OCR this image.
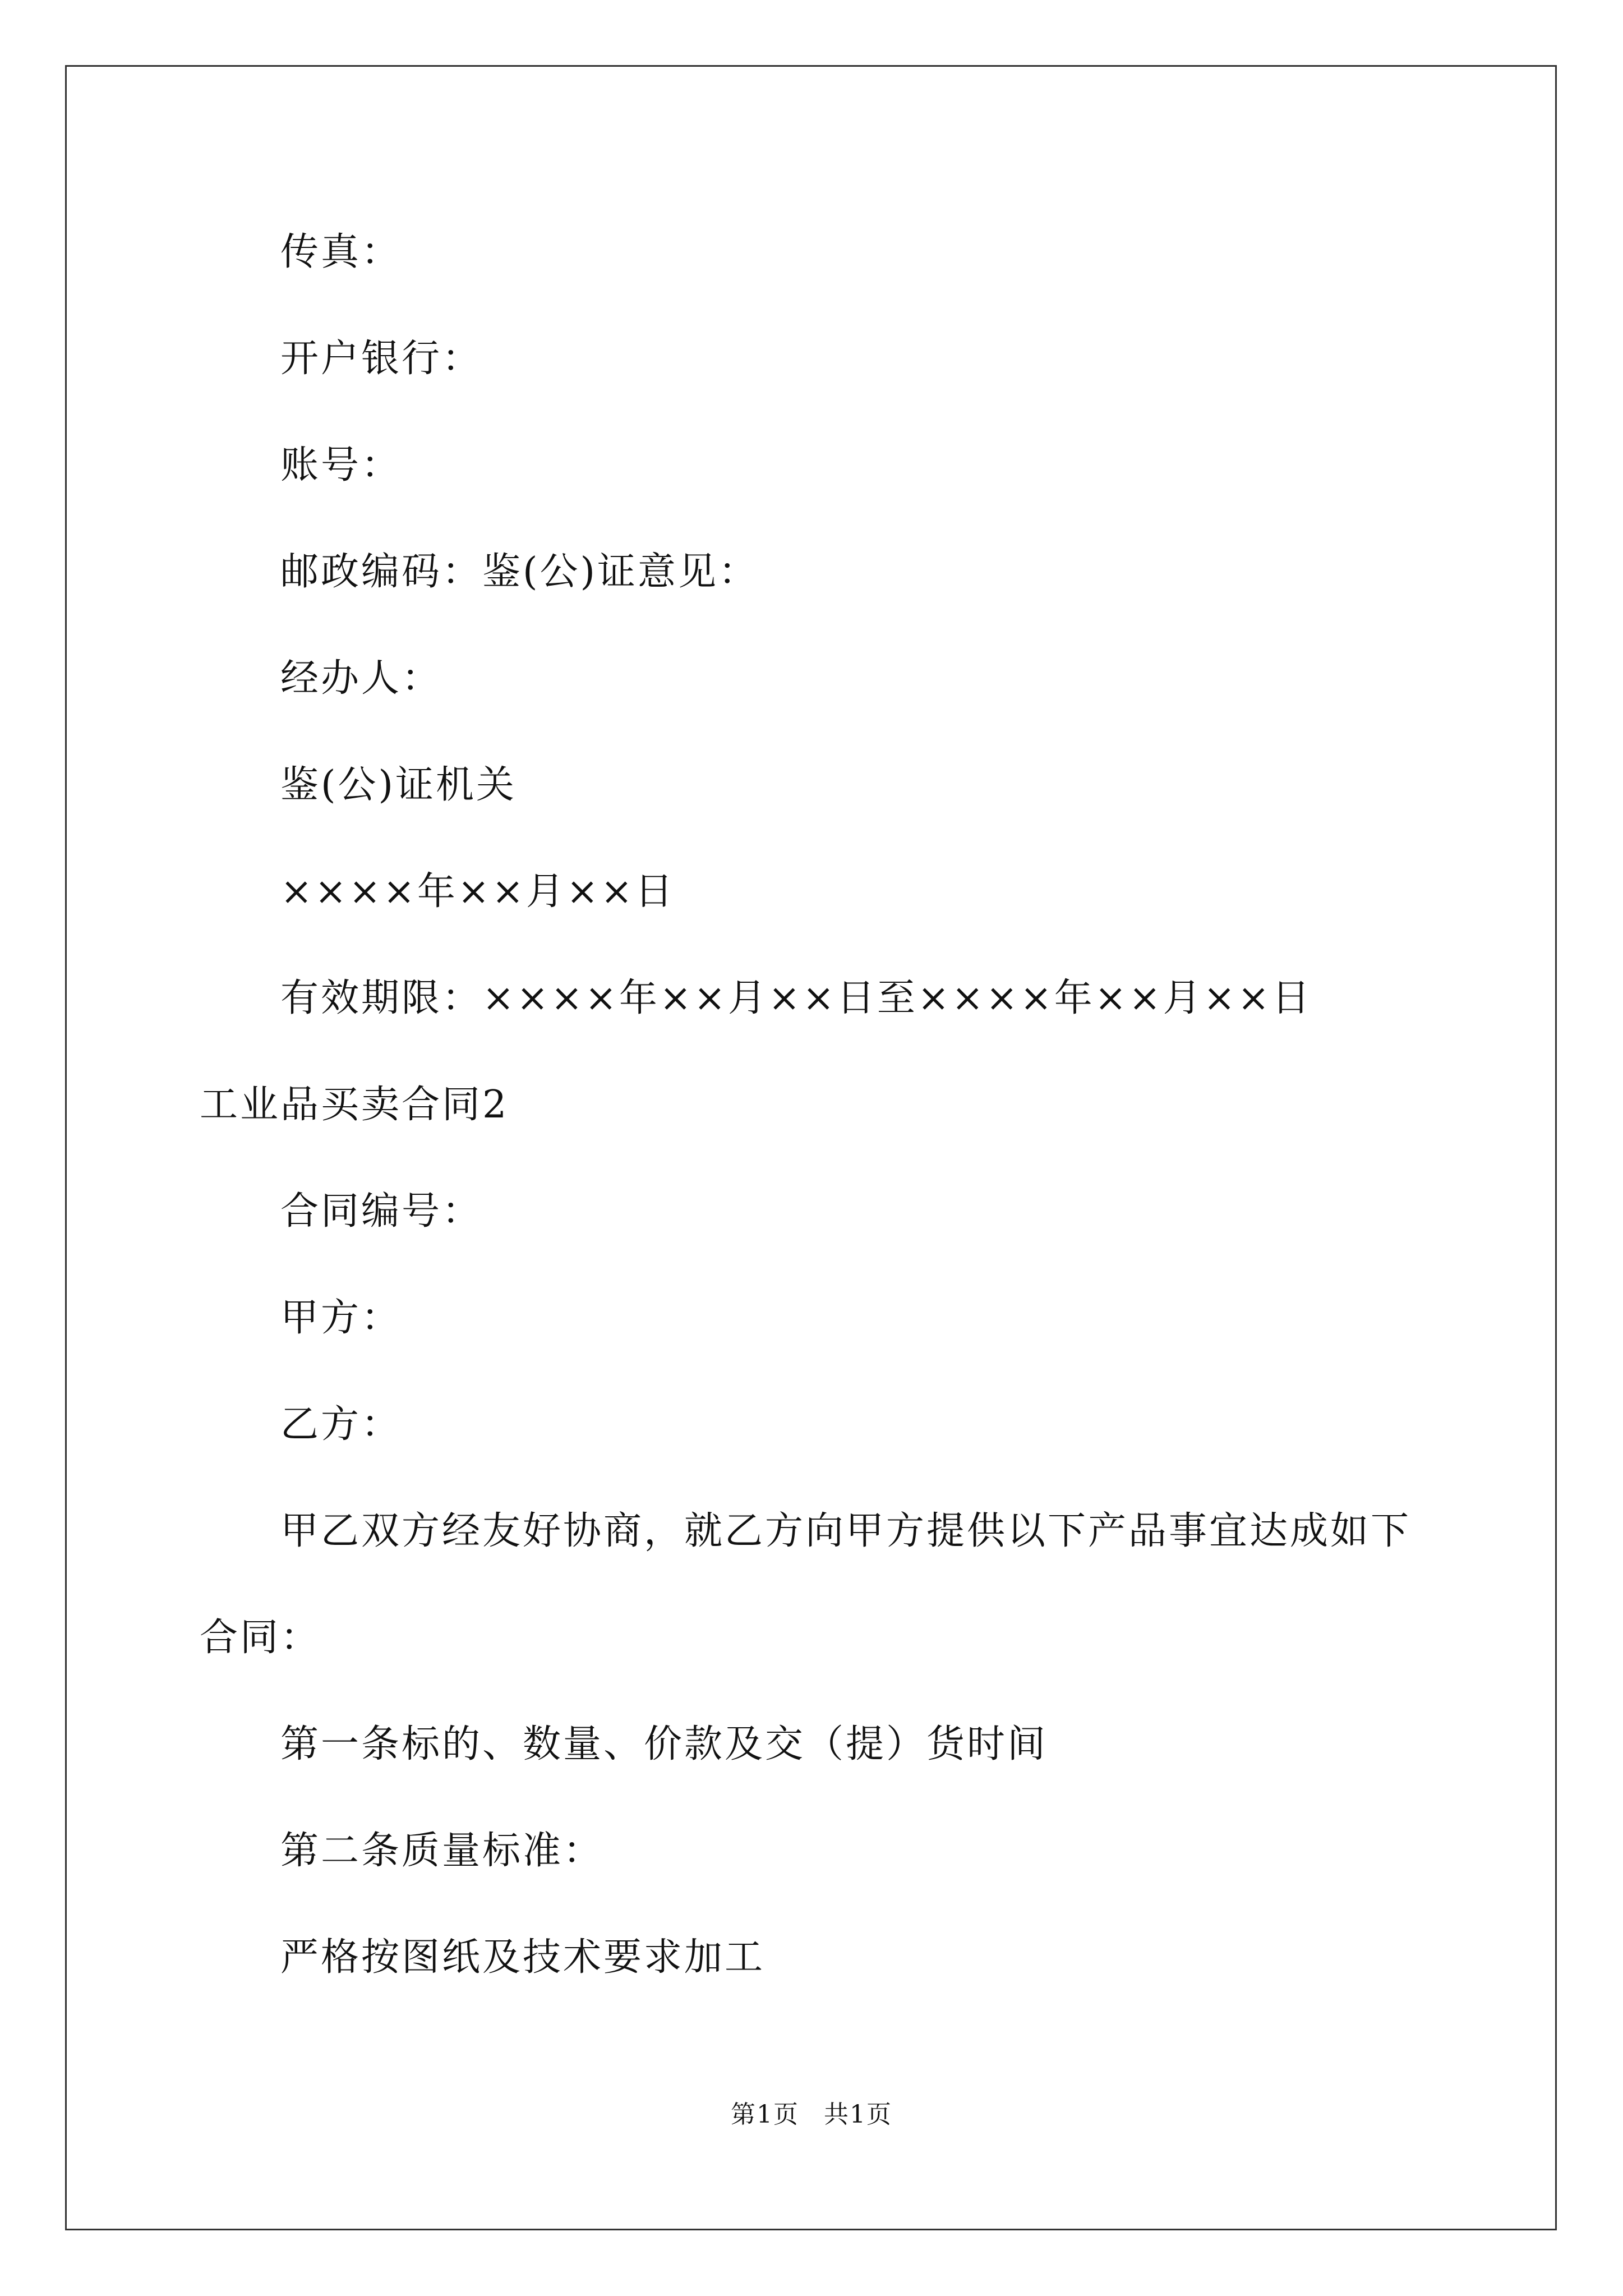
传真：
开户银行：
账号：
邮政编码：鉴(公)证意见：
经办人：
鉴(公)证机关
××××年××月××日
有效期限：××××年××月××日至××××年××月××日
工业品买卖合同2
合同编号：
甲方：
乙方：
甲乙双方经友好协商，就乙方向甲方提供以下产品事宜达成如下
合同：
第一条标的、数量、价款及交（提）货时间
第二条质量标准：
严格按图纸及技术要求加工
第1页 共1页
